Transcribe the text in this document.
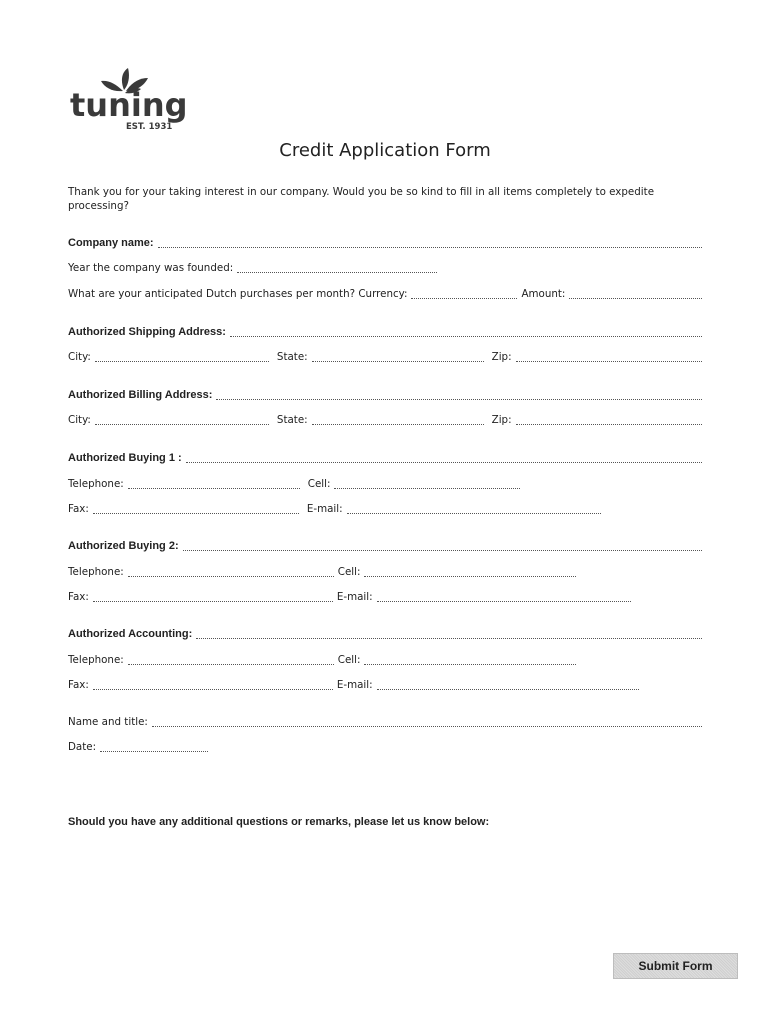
tuning
EST. 1931
Credit Application Form
Thank you for your taking interest in our company. Would you be so kind to fill in all items completely to expedite processing?
Company name:
Year the company was founded:
What are your anticipated Dutch purchases per month? Currency:	Amount:
Authorized Shipping Address:
City:	State:	Zip:
Authorized Billing Address:
City:	State:	Zip:
Authorized Buying 1 :
Telephone:	Cell:
Fax:	E-mail:
Authorized Buying 2:
Telephone:	Cell:
Fax:	E-mail:
Authorized Accounting:
Telephone:	Cell:
Fax:	E-mail:
Name and title:
Date:
Should you have any additional questions or remarks, please let us know below:
Submit Form
